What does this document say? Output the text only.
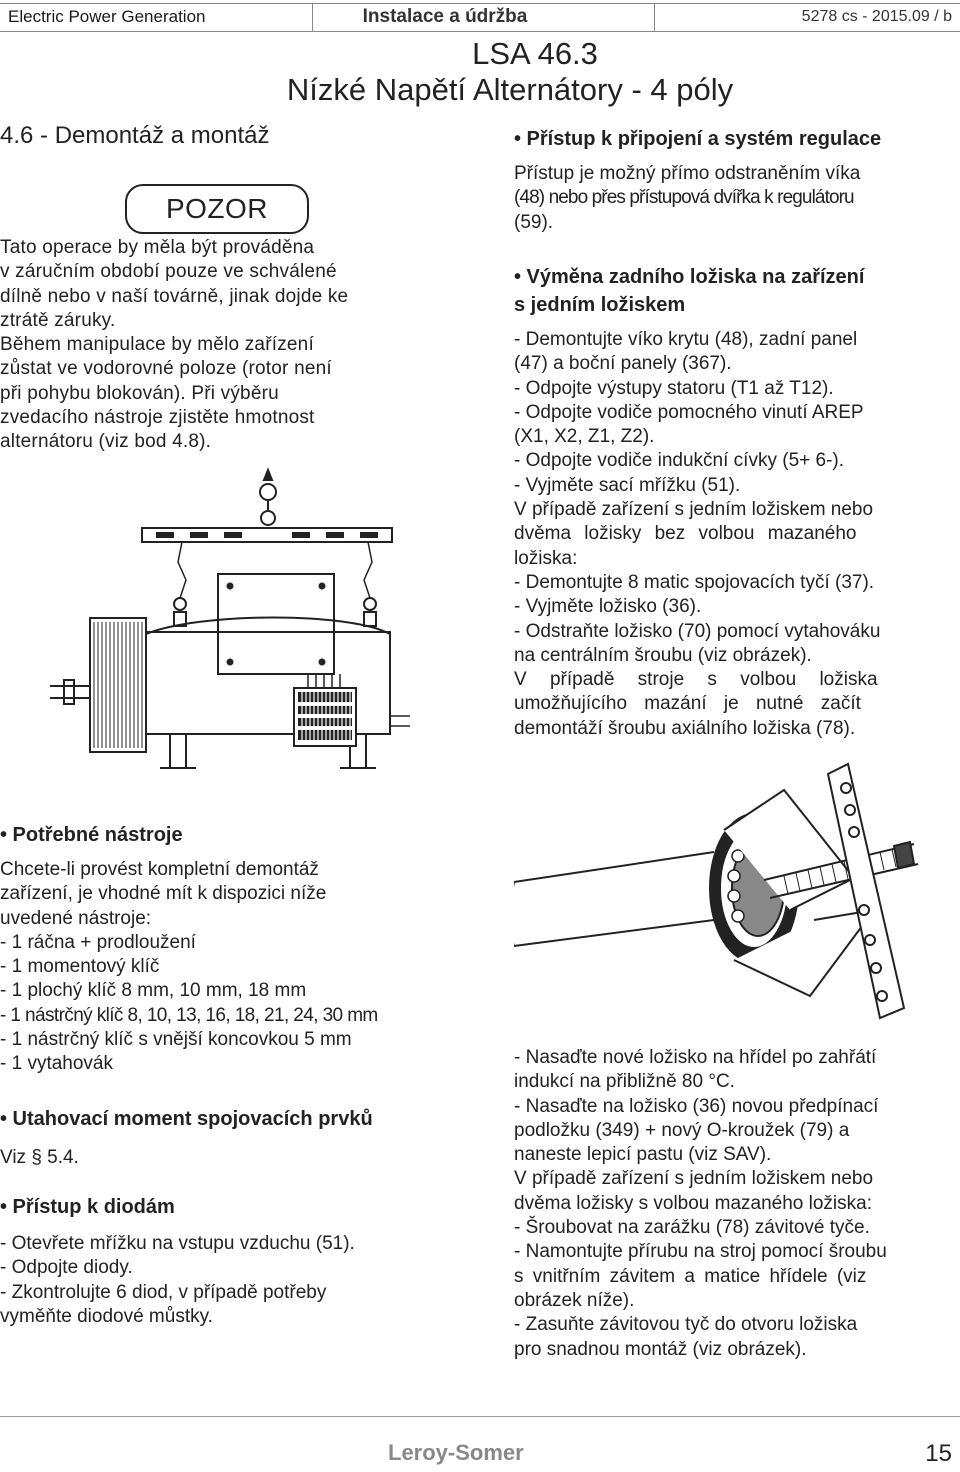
Electric Power Generation	Instalace a údržba	5278 cs - 2015.09 / b
LSA 46.3
Nízké Napětí Alternátory - 4 póly
4.6 - Demontáž a montáž
POZOR

Tato operace by měla být prováděna

v záručním období pouze ve schválené

dílně nebo v naší továrně, jinak dojde ke

ztrátě záruky.

Během manipulace by mělo zařízení

zůstat ve vodorovné poloze (rotor není

při pohybu blokován). Při výběru

zvedacího nástroje zjistěte hmotnost

alternátoru (viz bod 4.8).

• Potřebné nástroje

Chcete-li provést kompletní demontáž

zařízení, je vhodné mít k dispozici níže

uvedené nástroje:

- 1 ráčna + prodloužení

- 1 momentový klíč

- 1 plochý klíč 8 mm, 10 mm, 18 mm

- 1 nástrčný klíč 8, 10, 13, 16, 18, 21, 24, 30 mm

- 1 nástrčný klíč s vnější koncovkou 5 mm

- 1 vytahovák

• Utahovací moment spojovacích prvků
Viz § 5.4.
• Přístup k diodám

- Otevřete mřížku na vstupu vzduchu (51).

- Odpojte diody.

- Zkontrolujte 6 diod, v případě potřeby

vyměňte diodové můstky.

• Přístup k připojení a systém regulace

Přístup je možný přímo odstraněním víka

(48) nebo přes přístupová dvířka k regulátoru

(59).

• Výměna zadního ložiska na zařízení
s jedním ložiskem

- Demontujte víko krytu (48), zadní panel

(47) a boční panely (367).

- Odpojte výstupy statoru (T1 až T12).

- Odpojte vodiče pomocného vinutí AREP

(X1, X2, Z1, Z2).

- Odpojte vodiče indukční cívky (5+ 6-).

- Vyjměte sací mřížku (51).

V případě zařízení s jedním ložiskem nebo

dvěma ložisky bez volbou mazaného

ložiska:

- Demontujte 8 matic spojovacích tyčí (37).

- Vyjměte ložisko (36).

- Odstraňte ložisko (70) pomocí vytahováku

na centrálním šroubu (viz obrázek).

V případě stroje s volbou ložiska

umožňujícího mazání je nutné začít

demontáží šroubu axiálního ložiska (78).

- Nasaďte nové ložisko na hřídel po zahřátí

indukcí na přibližně 80 °C.

- Nasaďte na ložisko (36) novou předpínací

podložku (349) + nový O-kroužek (79) a

naneste lepicí pastu (viz SAV).

V případě zařízení s jedním ložiskem nebo

dvěma ložisky s volbou mazaného ložiska:

- Šroubovat na zarážku (78) závitové tyče.

- Namontujte přírubu na stroj pomocí šroubu

s vnitřním závitem a matice hřídele (viz

obrázek níže).

- Zasuňte závitovou tyč do otvoru ložiska

pro snadnou montáž (viz obrázek).

Leroy-Somer	15
